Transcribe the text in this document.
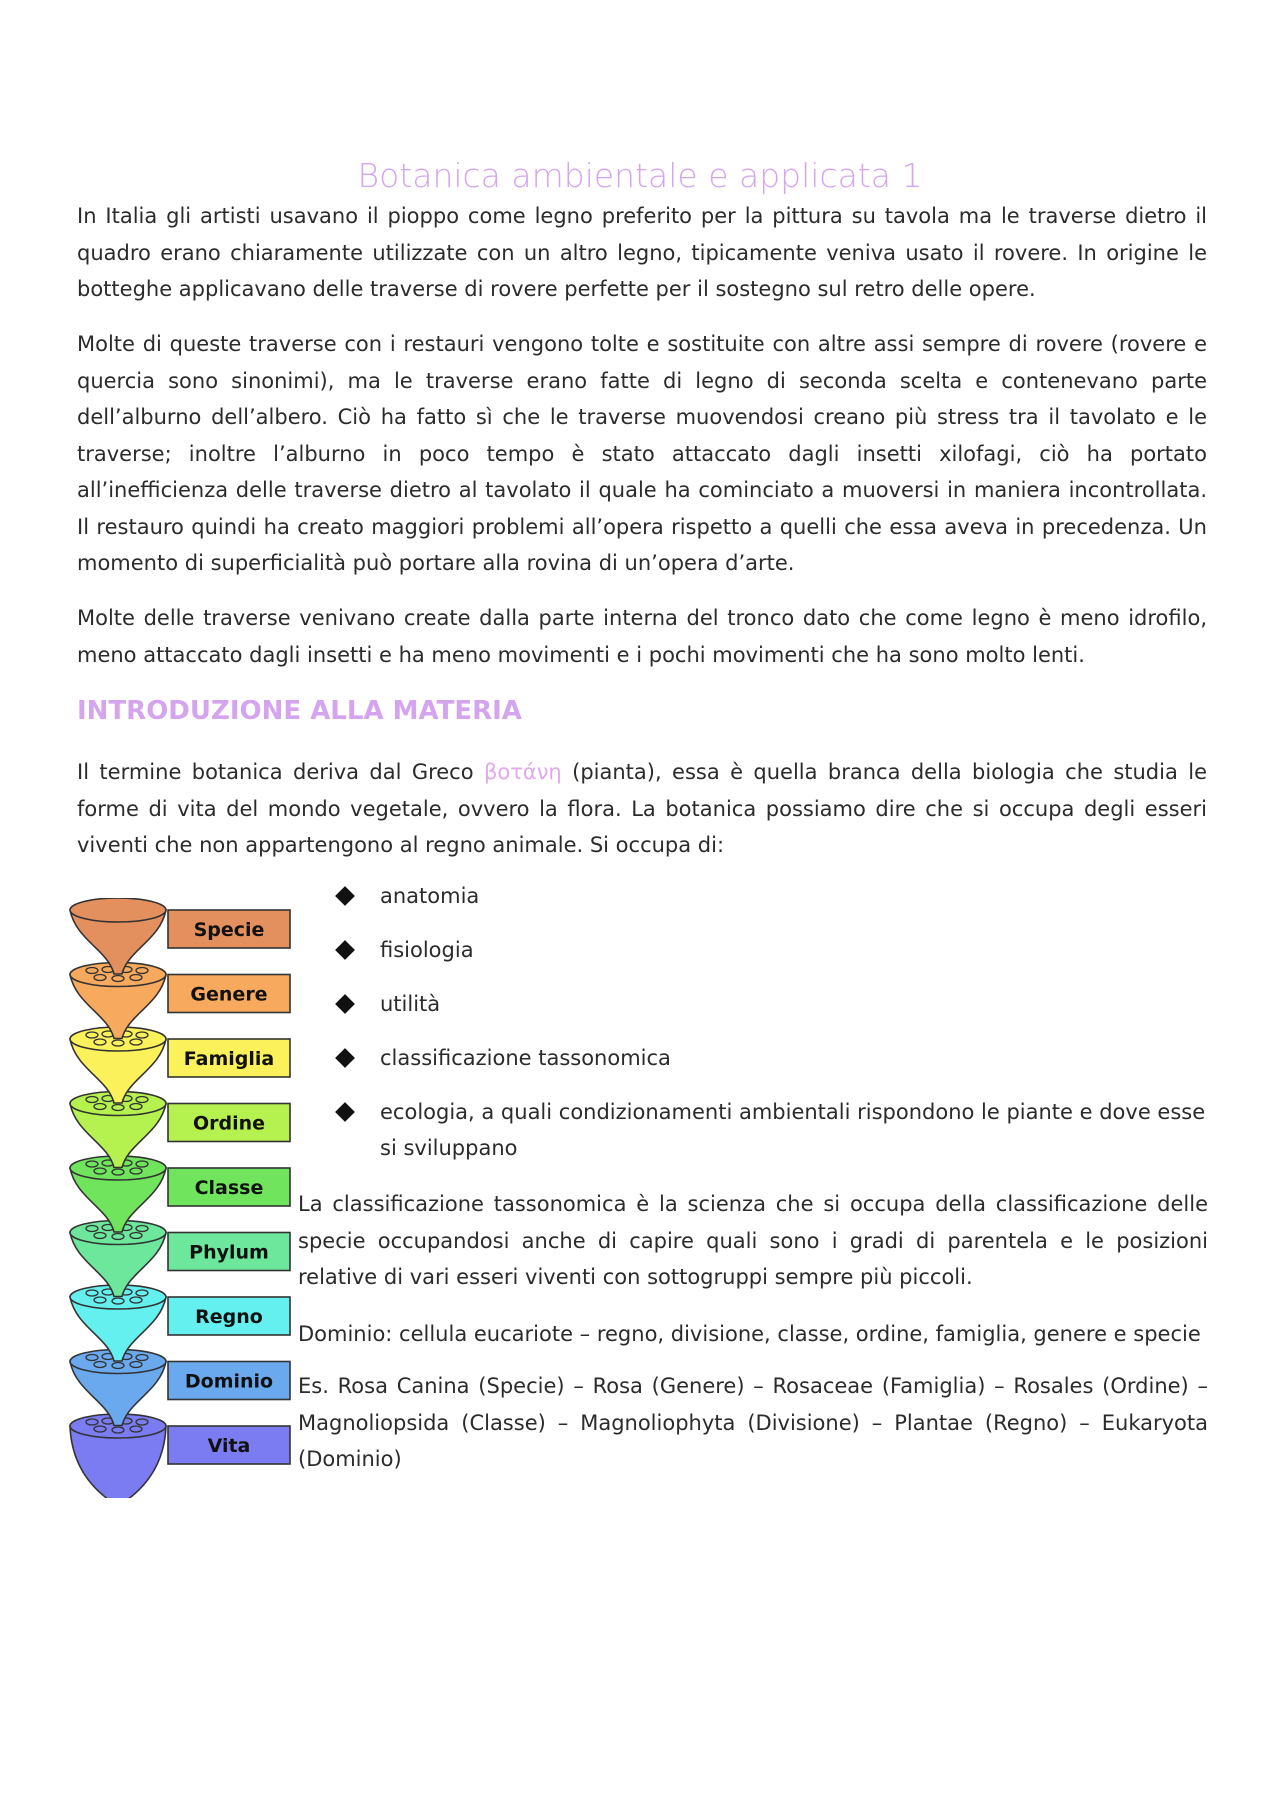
Botanica ambientale e applicata 1

In Italia gli artisti usavano il pioppo come legno preferito per la pittura su tavola ma le traverse dietro il quadro erano chiaramente utilizzate con un altro legno, tipicamente veniva usato il rovere. In origine le botteghe applicavano delle traverse di rovere perfette per il sostegno sul retro delle opere.

Molte di queste traverse con i restauri vengono tolte e sostituite con altre assi sempre di rovere (rovere e quercia sono sinonimi), ma le traverse erano fatte di legno di seconda scelta e contenevano parte dell’alburno dell’albero. Ciò ha fatto sì che le traverse muovendosi creano più stress tra il tavolato e le traverse; inoltre l’alburno in poco tempo è stato attaccato dagli insetti xilofagi, ciò ha portato all’inefficienza delle traverse dietro al tavolato il quale ha cominciato a muoversi in maniera incontrollata. Il restauro quindi ha creato maggiori problemi all’opera rispetto a quelli che essa aveva in precedenza. Un momento di superficialità può portare alla rovina di un’opera d’arte.

Molte delle traverse venivano create dalla parte interna del tronco dato che come legno è meno idrofilo, meno attaccato dagli insetti e ha meno movimenti e i pochi movimenti che ha sono molto lenti.

INTRODUZIONE ALLA MATERIA

Il termine botanica deriva dal Greco βοτάνη (pianta), essa è quella branca della biologia che studia le forme di vita del mondo vegetale, ovvero la flora. La botanica possiamo dire che si occupa degli esseri viventi che non appartengono al regno animale. Si occupa di:

anatomia
fisiologia
utilità
classificazione tassonomica
ecologia, a quali condizionamenti ambientali rispondono le piante e dove esse si sviluppano

La classificazione tassonomica è la scienza che si occupa della classificazione delle specie occupandosi anche di capire quali sono i gradi di parentela e le posizioni relative di vari esseri viventi con sottogruppi sempre più piccoli.

Dominio: cellula eucariote – regno, divisione, classe, ordine, famiglia, genere e specie

Es. Rosa Canina (Specie) – Rosa (Genere) – Rosaceae (Famiglia) – Rosales (Ordine) – Magnoliopsida (Classe) – Magnoliophyta (Divisione) – Plantae (Regno) – Eukaryota (Dominio)

Vita
Dominio
Regno
Phylum
Classe
Ordine
Famiglia
Genere
Specie
